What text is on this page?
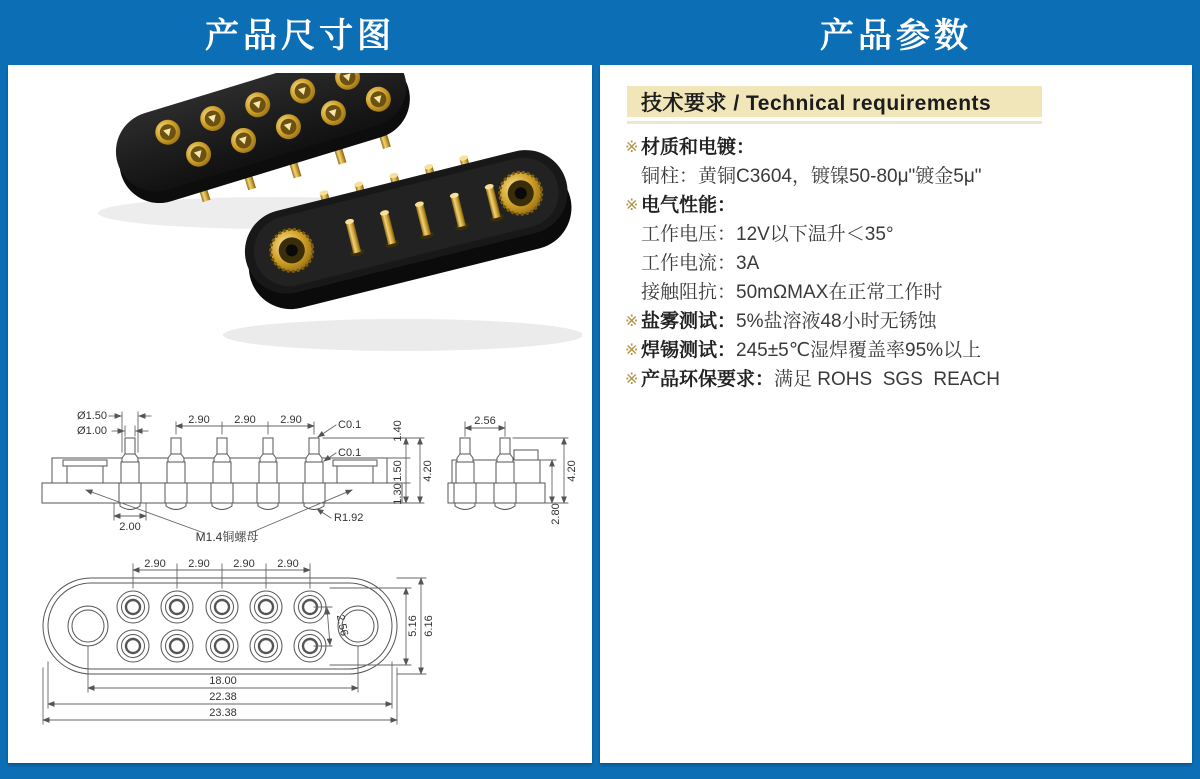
产品尺寸图	产品参数
Ø1.50
Ø1.00
2.90 2.90 2.90	C0.1
C0.1
1.40
1.50
1.30
4.20
2.00
R1.92
M1.4铜螺母
2.56
4.20
2.80
2.90 2.90 2.90 2.90
2.56	5.16 6.16
18.00
22.38
23.38
技术要求 / Technical requirements
※ 材质和电镀：
铜柱：黄铜C3604，镀镍50-80μ"镀金5μ"
※ 电气性能：
工作电压：12V以下温升＜35°
工作电流：3A
接触阻抗：50mΩMAX在正常工作时
※ 盐雾测试： 5%盐溶液48小时无锈蚀
※ 焊锡测试： 245±5℃湿焊覆盖率95%以上
※ 产品环保要求： 满足 ROHS  SGS  REACH
